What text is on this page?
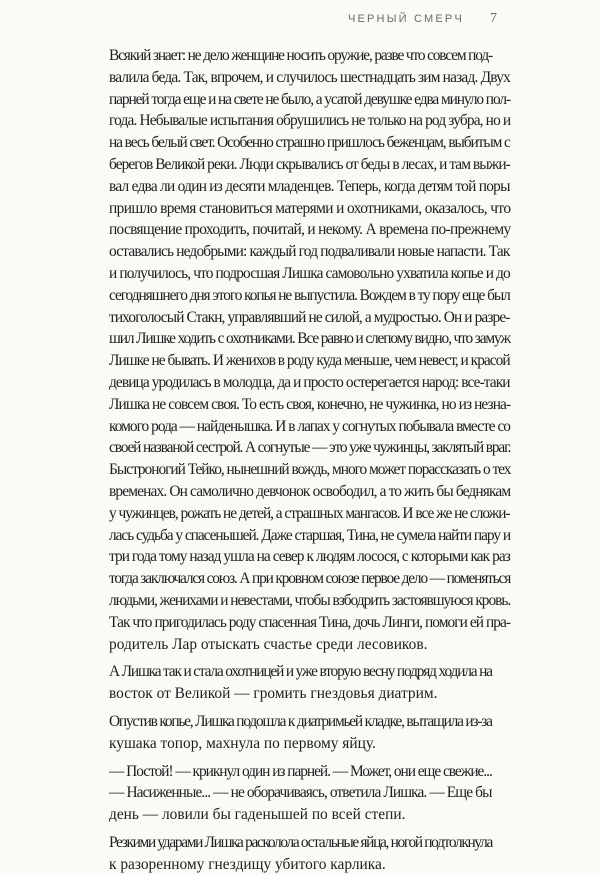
ЧЕРНЫЙ СМЕРЧ 7

Всякий знает: не дело женщине носить оружие, разве что совсем под-
валила беда. Так, впрочем, и случилось шестнадцать зим назад. Двух
парней тогда еще и на свете не было, а усатой девушке едва минуло пол-
года. Небывалые испытания обрушились не только на род зубра, но и
на весь белый свет. Особенно страшно пришлось беженцам, выбитым с
берегов Великой реки. Люди скрывались от беды в лесах, и там выжи-
вал едва ли один из десяти младенцев. Теперь, когда детям той поры
пришло время становиться матерями и охотниками, оказалось, что
посвящение проходить, почитай, и некому. А времена по-прежнему
оставались недобрыми: каждый год подваливали новые напасти. Так
и получилось, что подросшая Лишка самовольно ухватила копье и до
сегодняшнего дня этого копья не выпустила. Вождем в ту пору еще был
тихоголосый Стакн, управлявший не силой, а мудростью. Он и разре-
шил Лишке ходить с охотниками. Все равно и слепому видно, что замуж
Лишке не бывать. И женихов в роду куда меньше, чем невест, и красой
девица уродилась в молодца, да и просто остерегается народ: все-таки
Лишка не совсем своя. То есть своя, конечно, не чужинка, но из незна-
комого рода — найденышка. И в лапах у согнутых побывала вместе со
своей названой сестрой. А согнутые — это уже чужинцы, заклятый враг.
Быстроногий Тейко, нынешний вождь, много может порассказать о тех
временах. Он самолично девчонок освободил, а то жить бы беднякам
у чужинцев, рожать не детей, а страшных мангасов. И все же не сложи-
лась судьба у спасенышей. Даже старшая, Тина, не сумела найти пару и
три года тому назад ушла на север к людям лосося, с которыми как раз
тогда заключался союз. А при кровном союзе первое дело — поменяться
людьми, женихами и невестами, чтобы взбодрить застоявшуюся кровь.
Так что пригодилась роду спасенная Тина, дочь Линги, помоги ей пра-
родитель Лар отыскать счастье среди лесовиков.

А Лишка так и стала охотницей и уже вторую весну подряд ходила на
восток от Великой — громить гнездовья диатрим.

Опустив копье, Лишка подошла к диатримьей кладке, вытащила из-за
кушака топор, махнула по первому яйцу.

— Постой! — крикнул один из парней. — Может, они еще свежие...

— Насиженные... — не оборачиваясь, ответила Лишка. — Еще бы
день — ловили бы гаденышей по всей степи.

Резкими ударами Лишка расколола остальные яйца, ногой подтолкнула
к разоренному гнездищу убитого карлика.
